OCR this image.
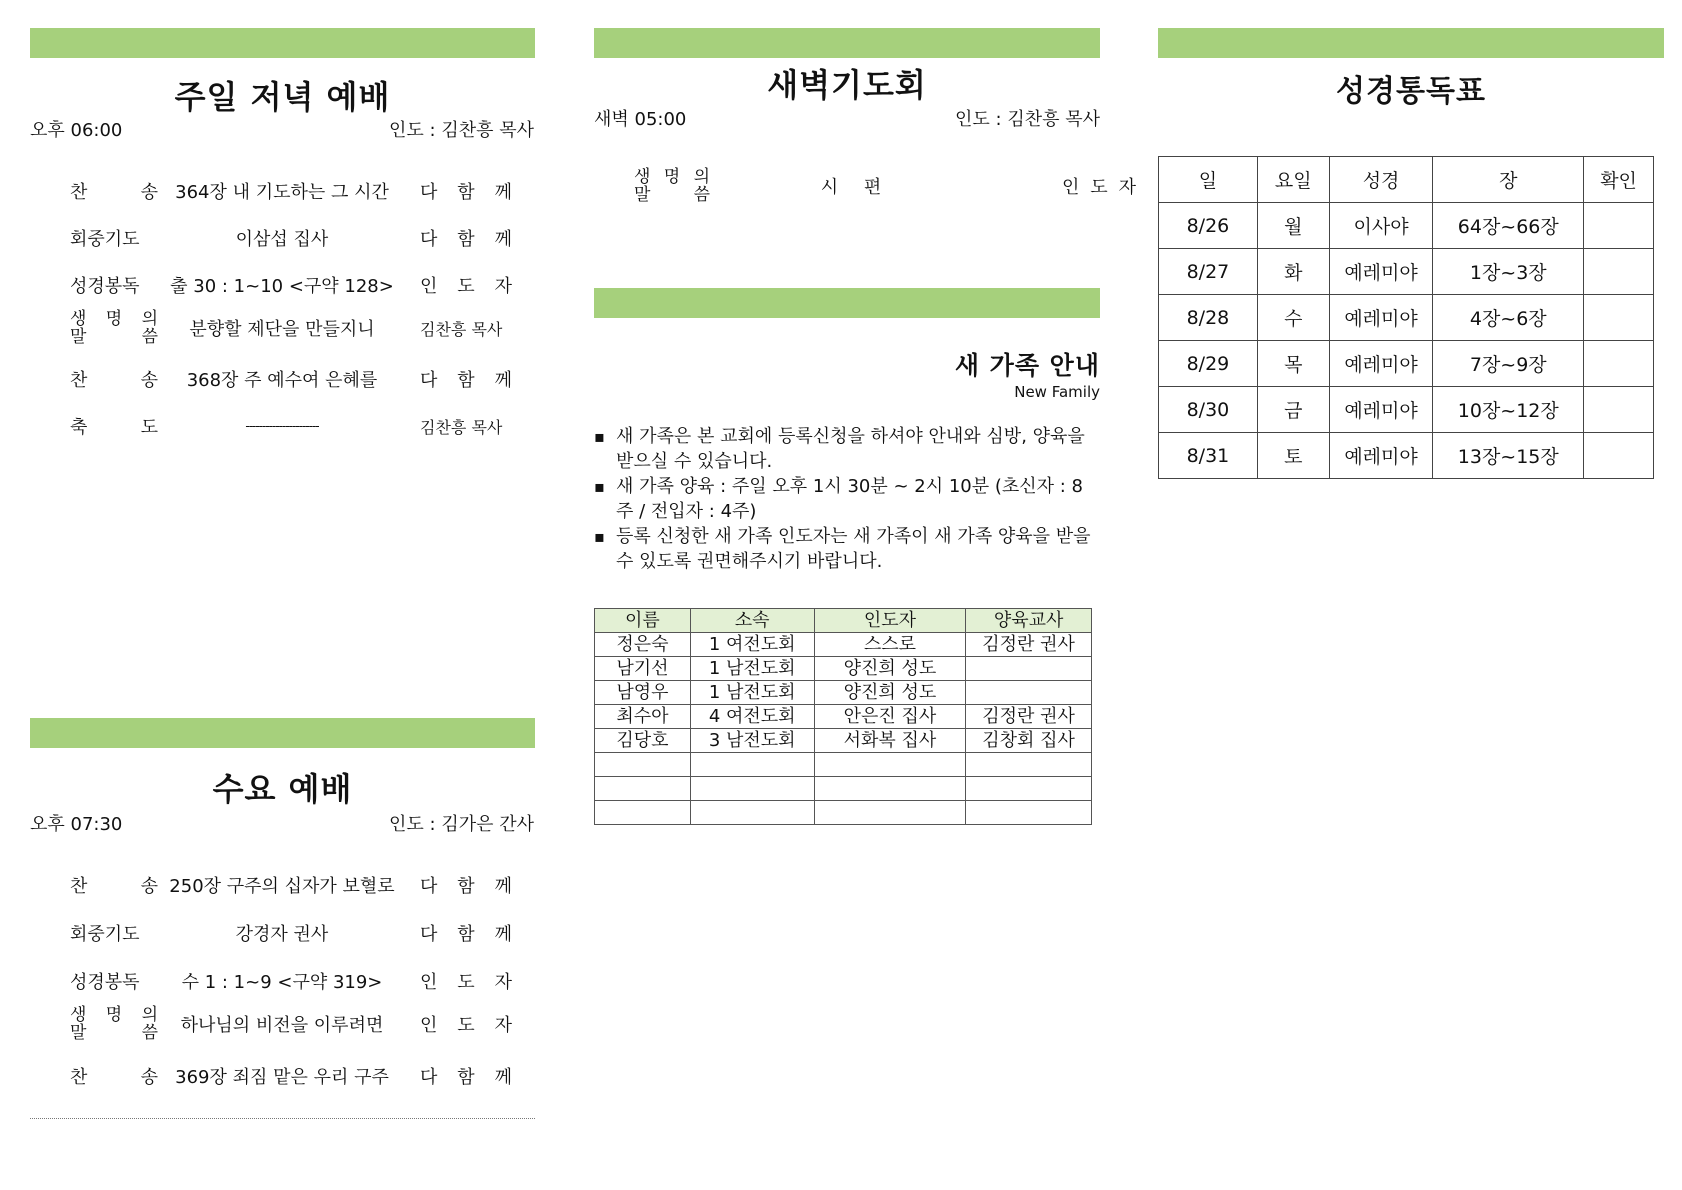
주일 저녁 예배
오후 06:00	인도 : 김찬흥 목사
찬 송 364장 내 기도하는 그 시간	다 함 께
회중기도	이삼섭 집사	다 함 께
성경봉독	출 30 : 1~10 <구약 128>	인 도 자
생 명 의
말 씀	분향할 제단을 만들지니	김찬흥 목사
찬 송	368장 주 예수여 은혜를	다 함 께
축 도	----------------------	김찬흥 목사
수요 예배
오후 07:30	인도 : 김가은 간사
찬 송 250장 구주의 십자가 보혈로	다 함 께
회중기도	강경자 권사	다 함 께
성경봉독	수 1 : 1~9 <구약 319>	인 도 자
생 명 의
말 씀	하나님의 비전을 이루려면	인 도 자
찬 송 369장 죄짐 맡은 우리 구주	다 함 께
새벽기도회
새벽 05:00	인도 : 김찬흥 목사
생 명 의
말 씀	시 편	인 도 자
새 가족 안내
New Family
▪ 새 가족은 본 교회에 등록신청을 하셔야 안내와 심방, 양육을 받으실 수 있습니다.
▪ 새 가족 양육 : 주일 오후 1시 30분 ~ 2시 10분 (초신자 : 8주 / 전입자 : 4주)
▪ 등록 신청한 새 가족 인도자는 새 가족이 새 가족 양육을 받을 수 있도록 권면해주시기 바랍니다.
이름	소속	인도자	양육교사
정은숙	1 여전도회	스스로	김정란 권사
남기선	1 남전도회	양진희 성도	
남영우	1 남전도회	양진희 성도	
최수아	4 여전도회	안은진 집사	김정란 권사
김당호	3 남전도회	서화복 집사	김창회 집사

성경통독표
일	요일	성경	장	확인
8/26	월	이사야	64장~66장	
8/27	화	예레미야	1장~3장	
8/28	수	예레미야	4장~6장	
8/29	목	예레미야	7장~9장	
8/30	금	예레미야	10장~12장	
8/31	토	예레미야	13장~15장	
